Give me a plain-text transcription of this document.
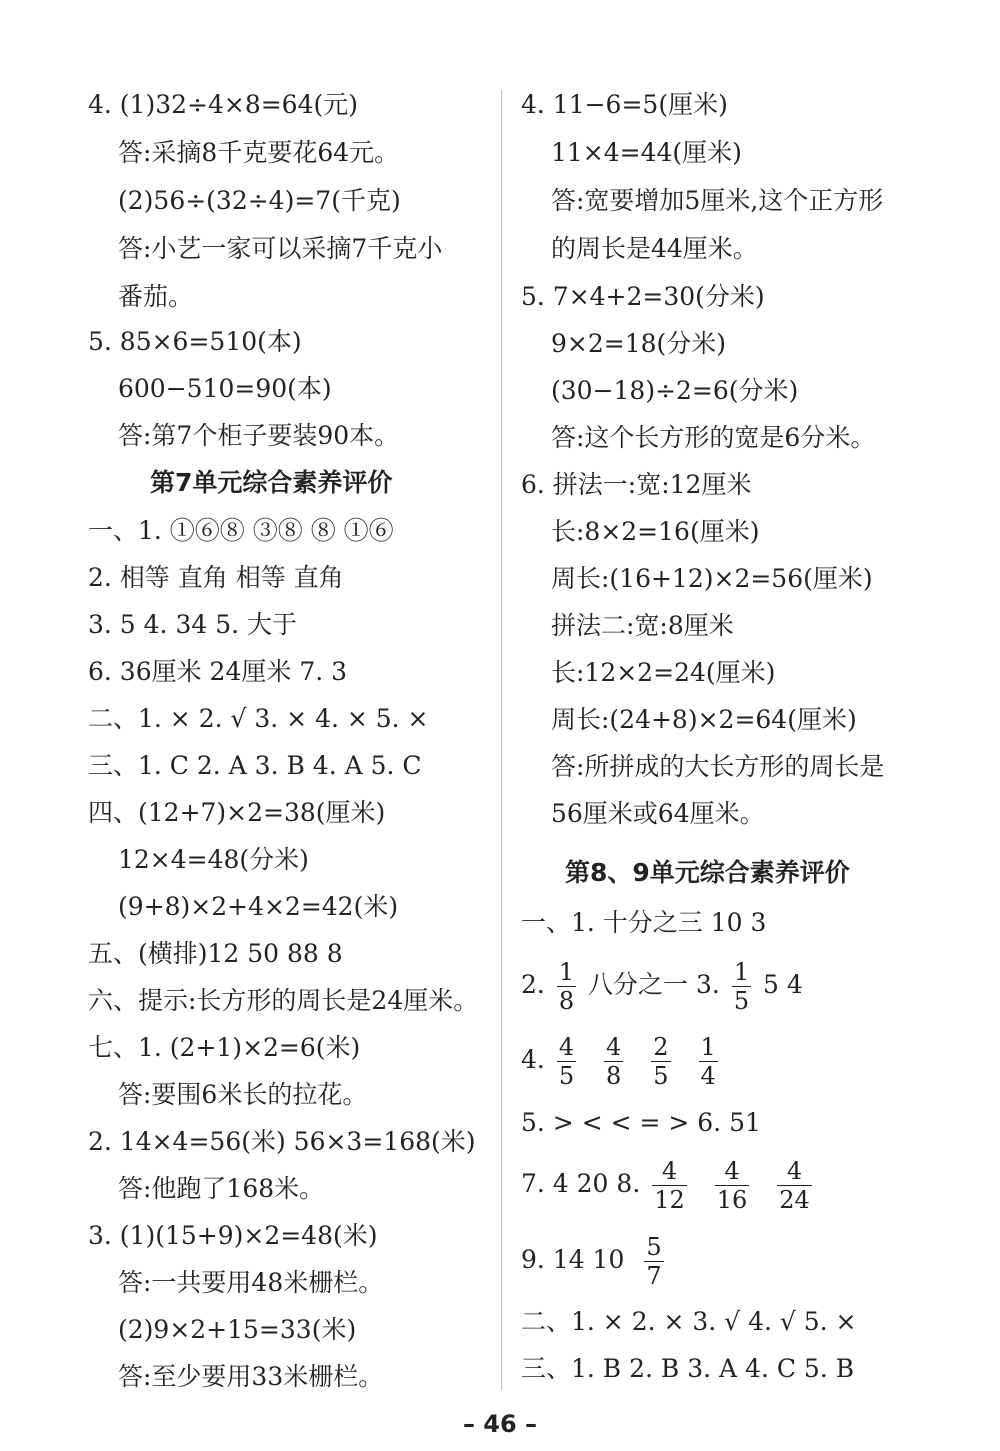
4. (1)32÷4×8=64(元)
答:采摘8千克要花64元。
(2)56÷(32÷4)=7(千克)
答:小艺一家可以采摘7千克小
番茄。
5. 85×6=510(本)
600−510=90(本)
答:第7个柜子要装90本。
第7单元综合素养评价
一、1. ①⑥⑧ ③⑧ ⑧ ①⑥
2. 相等 直角 相等 直角
3. 5 4. 34 5. 大于
6. 36厘米 24厘米 7. 3
二、1. × 2. √ 3. × 4. × 5. ×
三、1. C 2. A 3. B 4. A 5. C
四、(12+7)×2=38(厘米)
12×4=48(分米)
(9+8)×2+4×2=42(米)
五、(横排)12 50 88 8
六、提示:长方形的周长是24厘米。
七、1. (2+1)×2=6(米)
答:要围6米长的拉花。
2. 14×4=56(米) 56×3=168(米)
答:他跑了168米。
3. (1)(15+9)×2=48(米)
答:一共要用48米栅栏。
(2)9×2+15=33(米)
答:至少要用33米栅栏。
4. 11−6=5(厘米)
11×4=44(厘米)
答:宽要增加5厘米,这个正方形
的周长是44厘米。
5. 7×4+2=30(分米)
9×2=18(分米)
(30−18)÷2=6(分米)
答:这个长方形的宽是6分米。
6. 拼法一:宽:12厘米
长:8×2=16(厘米)
周长:(16+12)×2=56(厘米)
拼法二:宽:8厘米
长:12×2=24(厘米)
周长:(24+8)×2=64(厘米)
答:所拼成的大长方形的周长是
56厘米或64厘米。
第8、9单元综合素养评价
一、1. 十分之三 10 3
2. $\frac{1}{8}$ 八分之一 3. $\frac{1}{5} 5$ 4
4. $\frac{4}{5}$
$\frac{4}{8}$
$\frac{2}{5}$
$\frac{1}{4}$
5. > < < = > 6. 51
7. 4 20 8. $\frac{4}{12}$
$\frac{4}{16}$
$\frac{4}{24}$
9. 14 $10 \frac{5}{7}$
二、1. × 2. × 3. √ 4. √ 5. ×
三、1. B 2. B 3. A 4. C 5. B
– 46 –
